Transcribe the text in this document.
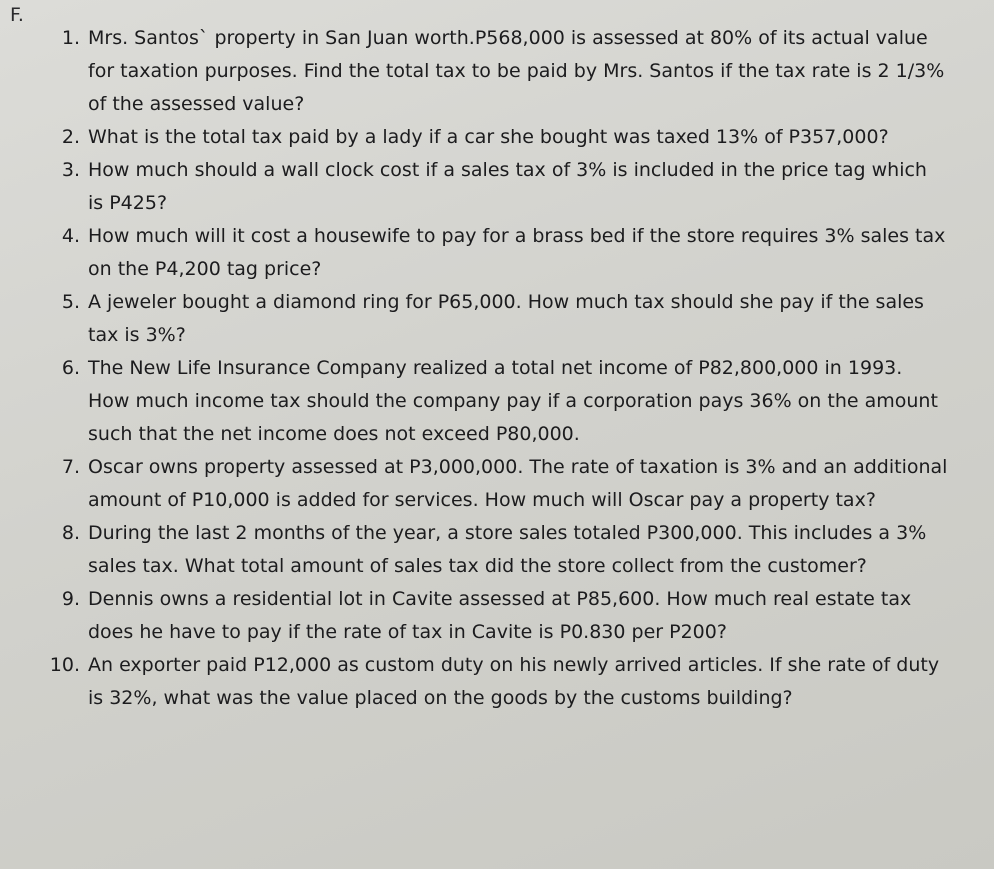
F.

1. Mrs. Santos` property in San Juan worth.P568,000 is assessed at 80% of its actual value for taxation purposes. Find the total tax to be paid by Mrs. Santos if the tax rate is 2 1/3% of the assessed value?
2. What is the total tax paid by a lady if a car she bought was taxed 13% of P357,000?
3. How much should a wall clock cost if a sales tax of 3% is included in the price tag which is P425?
4. How much will it cost a housewife to pay for a brass bed if the store requires 3% sales tax on the P4,200 tag price?
5. A jeweler bought a diamond ring for P65,000. How much tax should she pay if the sales tax is 3%?
6. The New Life Insurance Company realized a total net income of P82,800,000 in 1993. How much income tax should the company pay if a corporation pays 36% on the amount such that the net income does not exceed P80,000.
7. Oscar owns property assessed at P3,000,000. The rate of taxation is 3% and an additional amount of P10,000 is added for services. How much will Oscar pay a property tax?
8. During the last 2 months of the year, a store sales totaled P300,000. This includes a 3% sales tax. What total amount of sales tax did the store collect from the customer?
9. Dennis owns a residential lot in Cavite assessed at P85,600. How much real estate tax does he have to pay if the rate of tax in Cavite is P0.830 per P200?
10. An exporter paid P12,000 as custom duty on his newly arrived articles. If she rate of duty is 32%, what was the value placed on the goods by the customs building?
